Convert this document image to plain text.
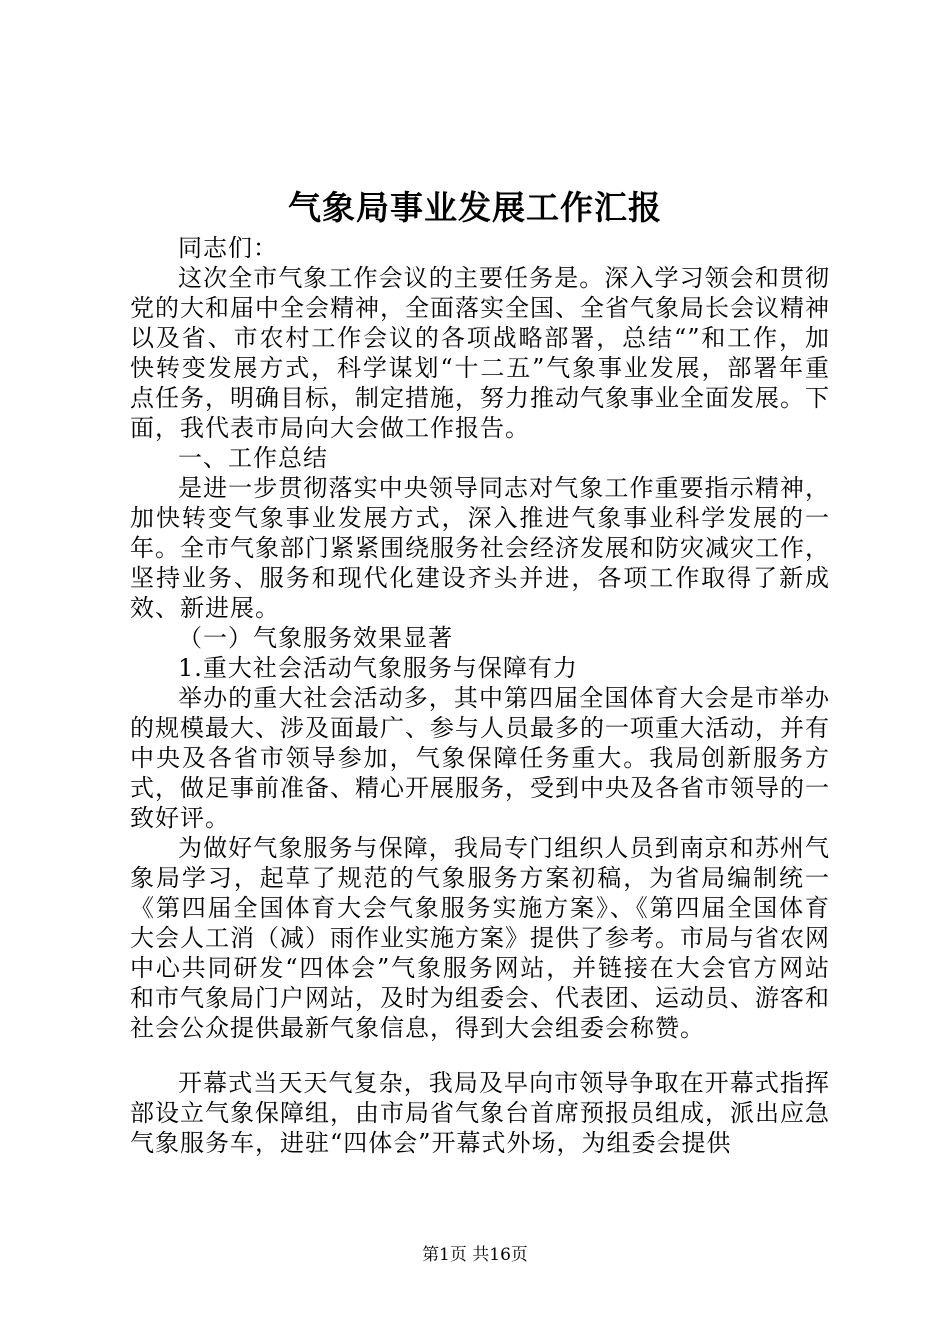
气象局事业发展工作汇报

同志们：

这次全市气象工作会议的主要任务是。深入学习领会和贯彻党的大和届中全会精神，全面落实全国、全省气象局长会议精神以及省、市农村工作会议的各项战略部署，总结“”和工作，加快转变发展方式，科学谋划“十二五”气象事业发展，部署年重点任务，明确目标，制定措施，努力推动气象事业全面发展。下面，我代表市局向大会做工作报告。

一、工作总结

是进一步贯彻落实中央领导同志对气象工作重要指示精神，加快转变气象事业发展方式，深入推进气象事业科学发展的一年。全市气象部门紧紧围绕服务社会经济发展和防灾减灾工作，坚持业务、服务和现代化建设齐头并进，各项工作取得了新成效、新进展。

（一）气象服务效果显著

1.重大社会活动气象服务与保障有力

举办的重大社会活动多，其中第四届全国体育大会是市举办的规模最大、涉及面最广、参与人员最多的一项重大活动，并有中央及各省市领导参加，气象保障任务重大。我局创新服务方式，做足事前准备、精心开展服务，受到中央及各省市领导的一致好评。

为做好气象服务与保障，我局专门组织人员到南京和苏州气象局学习，起草了规范的气象服务方案初稿，为省局编制统一《第四届全国体育大会气象服务实施方案》、《第四届全国体育大会人工消（减）雨作业实施方案》提供了参考。市局与省农网中心共同研发“四体会”气象服务网站，并链接在大会官方网站和市气象局门户网站，及时为组委会、代表团、运动员、游客和社会公众提供最新气象信息，得到大会组委会称赞。

开幕式当天天气复杂，我局及早向市领导争取在开幕式指挥部设立气象保障组，由市局省气象台首席预报员组成，派出应急气象服务车，进驻“四体会”开幕式外场，为组委会提供

第1页 共16页
